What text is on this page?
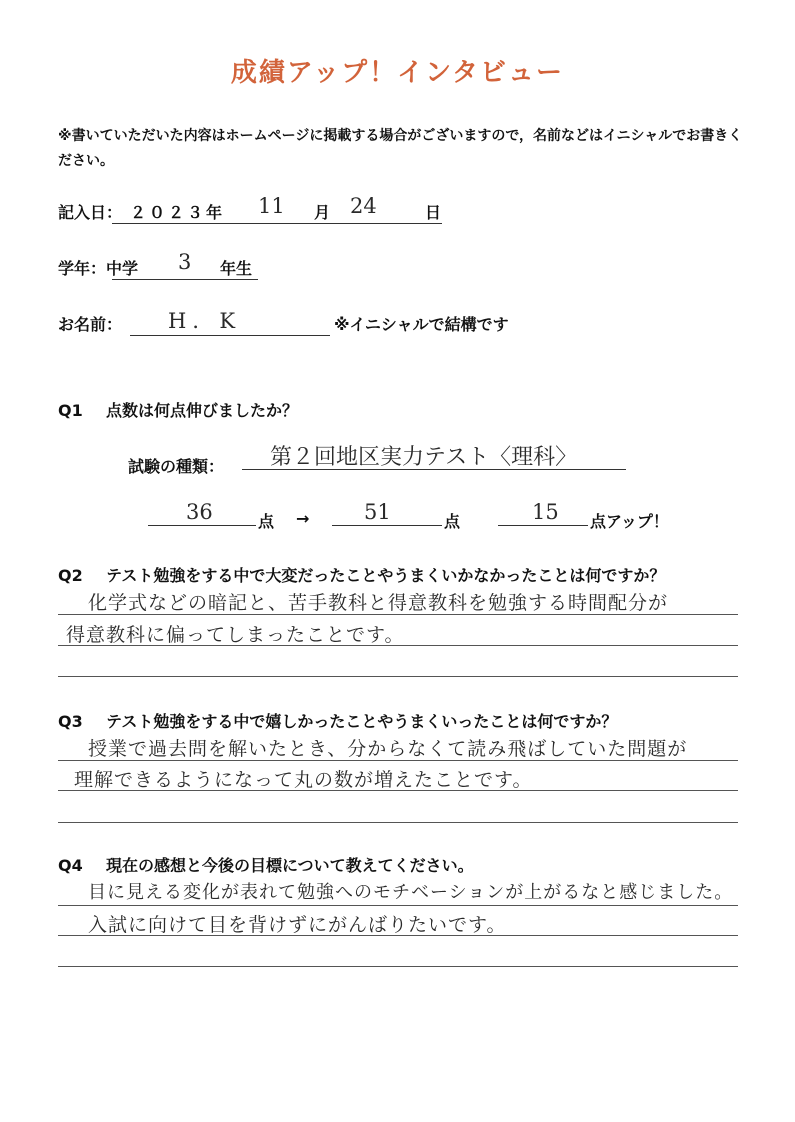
成績アップ！インタビュー
※書いていただいた内容はホームページに掲載する場合がございますので，名前などはイニシャルでお書きください。
記入日： ２０２３年 11 月 24	日
学年：中学 3 年生
お名前： H．K	※イニシャルで結構です
Q1 点数は何点伸びましたか？
試験の種類： 第２回地区実力テスト〈理科〉
36	点 →	51	点	15 点アップ！
Q2 テスト勉強をする中で大変だったことやうまくいかなかったことは何ですか？
化学式などの暗記と、苦手教科と得意教科を勉強する時間配分が
得意教科に偏ってしまったことです。
Q3 テスト勉強をする中で嬉しかったことやうまくいったことは何ですか？
授業で過去問を解いたとき、分からなくて読み飛ばしていた問題が
理解できるようになって丸の数が増えたことです。
Q4 現在の感想と今後の目標について教えてください。
目に見える変化が表れて勉強へのモチベーションが上がるなと感じました。
入試に向けて目を背けずにがんばりたいです。
